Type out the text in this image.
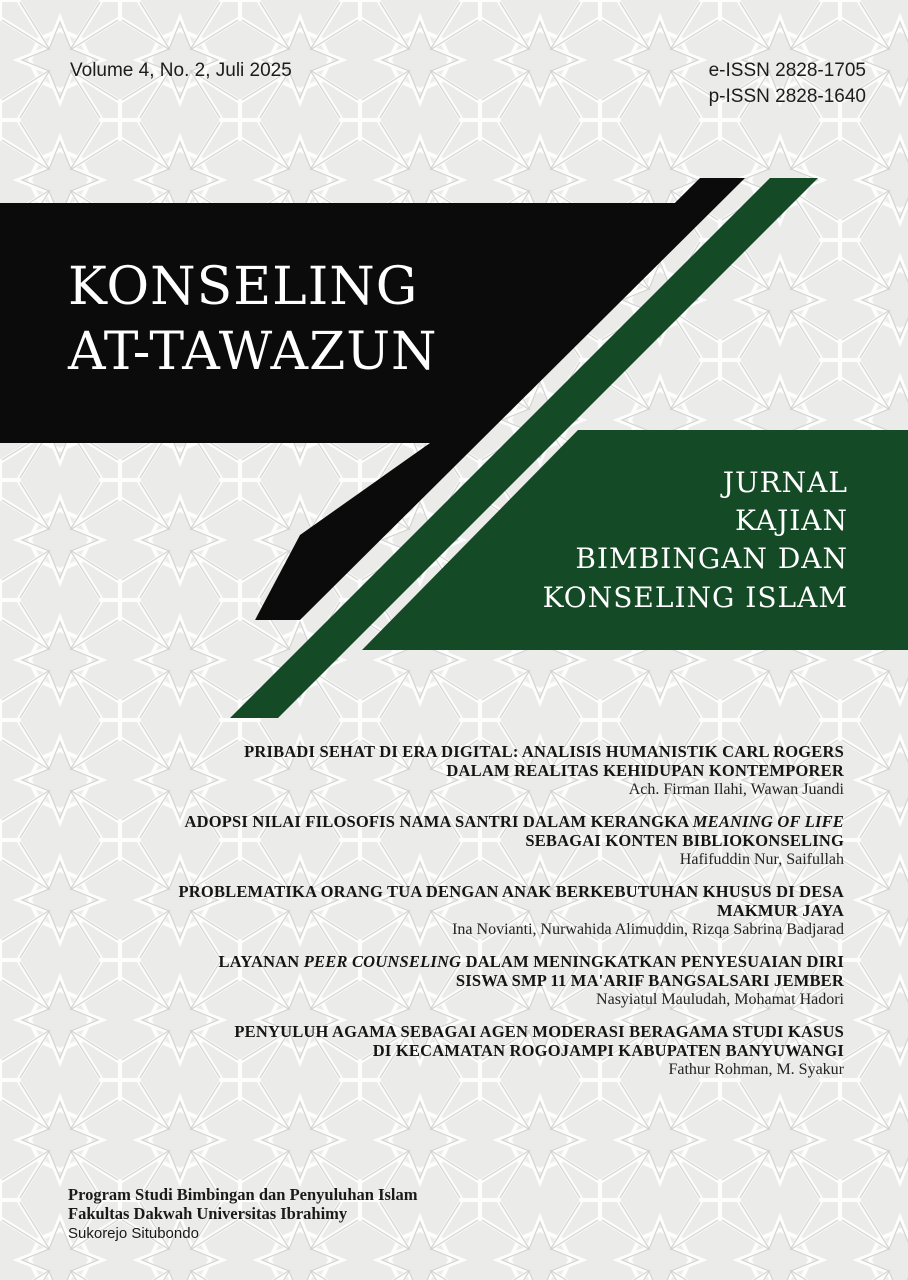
Volume 4, No. 2, Juli 2025	e-ISSN 2828-1705
p-ISSN 2828-1640
KONSELING
AT-TAWAZUN
JURNAL
KAJIAN
BIMBINGAN DAN
KONSELING ISLAM
PRIBADI SEHAT DI ERA DIGITAL: ANALISIS HUMANISTIK CARL ROGERS
DALAM REALITAS KEHIDUPAN KONTEMPORER
Ach. Firman Ilahi, Wawan Juandi
ADOPSI NILAI FILOSOFIS NAMA SANTRI DALAM KERANGKA MEANING OF LIFE
SEBAGAI KONTEN BIBLIOKONSELING
Hafifuddin Nur, Saifullah
PROBLEMATIKA ORANG TUA DENGAN ANAK BERKEBUTUHAN KHUSUS DI DESA
MAKMUR JAYA
Ina Novianti, Nurwahida Alimuddin, Rizqa Sabrina Badjarad
LAYANAN PEER COUNSELING DALAM MENINGKATKAN PENYESUAIAN DIRI
SISWA SMP 11 MA'ARIF BANGSALSARI JEMBER
Nasyiatul Mauludah, Mohamat Hadori
PENYULUH AGAMA SEBAGAI AGEN MODERASI BERAGAMA STUDI KASUS
DI KECAMATAN ROGOJAMPI KABUPATEN BANYUWANGI
Fathur Rohman, M. Syakur
Program Studi Bimbingan dan Penyuluhan Islam
Fakultas Dakwah Universitas Ibrahimy
Sukorejo Situbondo
